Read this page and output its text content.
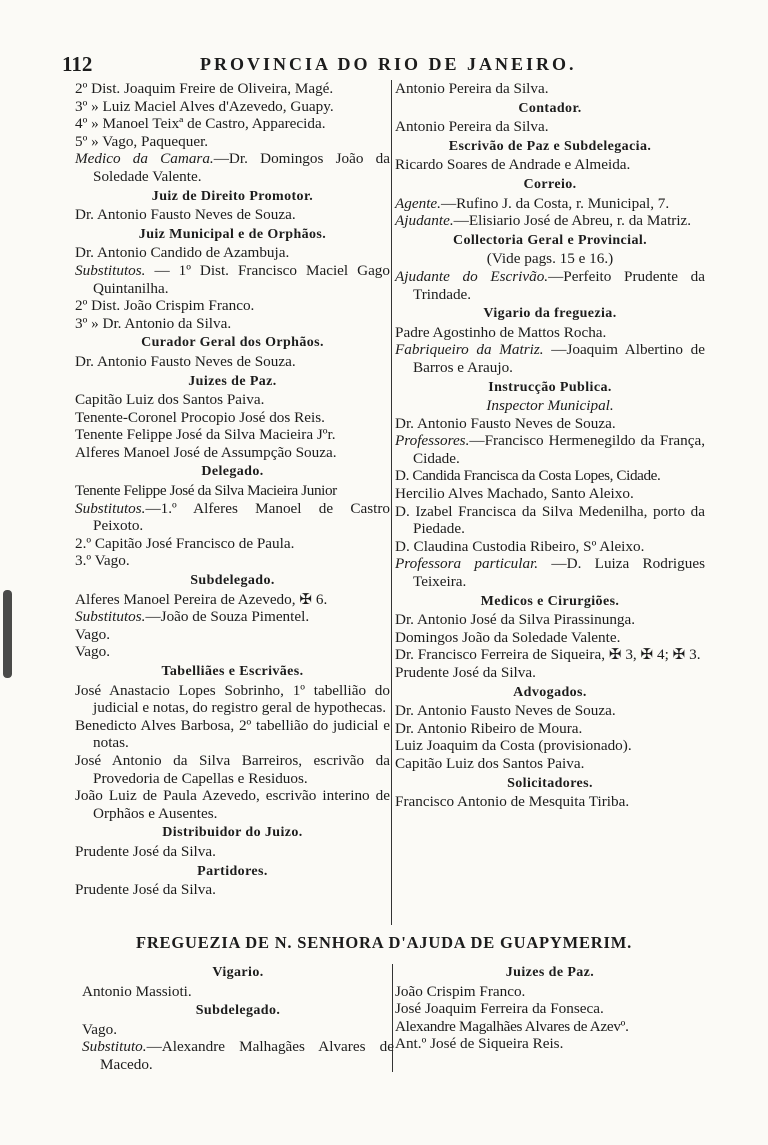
112	PROVINCIA DO RIO DE JANEIRO.
2º Dist. Joaquim Freire de Oliveira, Magé.
3º » Luiz Maciel Alves d'Azevedo, Guapy.
4º » Manoel Teixª de Castro, Apparecida.
5º » Vago, Paquequer.
Medico da Camara.—Dr. Domingos João da Soledade Valente.
Juiz de Direito Promotor.
Dr. Antonio Fausto Neves de Souza.
Juiz Municipal e de Orphãos.
Dr. Antonio Candido de Azambuja.
Substitutos. — 1º Dist. Francisco Maciel Gago Quintanilha.
2º Dist. João Crispim Franco.
3º » Dr. Antonio da Silva.
Curador Geral dos Orphãos.
Dr. Antonio Fausto Neves de Souza.
Juizes de Paz.
Capitão Luiz dos Santos Paiva.
Tenente-Coronel Procopio José dos Reis.
Tenente Felippe José da Silva Macieira Jºr.
Alferes Manoel José de Assumpção Souza.
Delegado.
Tenente Felippe José da Silva Macieira Junior
Substitutos.—1.º Alferes Manoel de Castro Peixoto.
2.º Capitão José Francisco de Paula.
3.º Vago.
Subdelegado.
Alferes Manoel Pereira de Azevedo, ✠ 6.
Substitutos.—João de Souza Pimentel.
Vago.
Vago.
Tabelliães e Escrivães.
José Anastacio Lopes Sobrinho, 1º tabellião do judicial e notas, do registro geral de hypothecas.
Benedicto Alves Barbosa, 2º tabellião do judicial e notas.
José Antonio da Silva Barreiros, escrivão da Provedoria de Capellas e Residuos.
João Luiz de Paula Azevedo, escrivão interino de Orphãos e Ausentes.
Distribuidor do Juizo.
Prudente José da Silva.
Partidores.
Prudente José da Silva.
Antonio Pereira da Silva.
Contador.
Antonio Pereira da Silva.
Escrivão de Paz e Subdelegacia.
Ricardo Soares de Andrade e Almeida.
Correio.
Agente.—Rufino J. da Costa, r. Municipal, 7.
Ajudante.—Elisiario José de Abreu, r. da Matriz.
Collectoria Geral e Provincial.
(Vide pags. 15 e 16.)
Ajudante do Escrivão.—Perfeito Prudente da Trindade.
Vigario da freguezia.
Padre Agostinho de Mattos Rocha.
Fabriqueiro da Matriz. —Joaquim Albertino de Barros e Araujo.
Instrucção Publica.
Inspector Municipal.
Dr. Antonio Fausto Neves de Souza.
Professores.—Francisco Hermenegildo da França, Cidade.
D. Candida Francisca da Costa Lopes, Cidade.
Hercilio Alves Machado, Santo Aleixo.
D. Izabel Francisca da Silva Medenilha, porto da Piedade.
D. Claudina Custodia Ribeiro, Sº Aleixo.
Professora particular. —D. Luiza Rodrigues Teixeira.
Medicos e Cirurgiões.
Dr. Antonio José da Silva Pirassinunga.
Domingos João da Soledade Valente.
Dr. Francisco Ferreira de Siqueira, ✠ 3, ✠ 4; ✠ 3.
Prudente José da Silva.
Advogados.
Dr. Antonio Fausto Neves de Souza.
Dr. Antonio Ribeiro de Moura.
Luiz Joaquim da Costa (provisionado).
Capitão Luiz dos Santos Paiva.
Solicitadores.
Francisco Antonio de Mesquita Tiriba.
FREGUEZIA DE N. SENHORA D'AJUDA DE GUAPYMERIM.
Vigario.
Antonio Massioti.
Subdelegado.
Vago.
Substituto.—Alexandre Malhagães Alvares de Macedo.
Juizes de Paz.
João Crispim Franco.
José Joaquim Ferreira da Fonseca.
Alexandre Magalhães Alvares de Azevº.
Ant.º José de Siqueira Reis.
